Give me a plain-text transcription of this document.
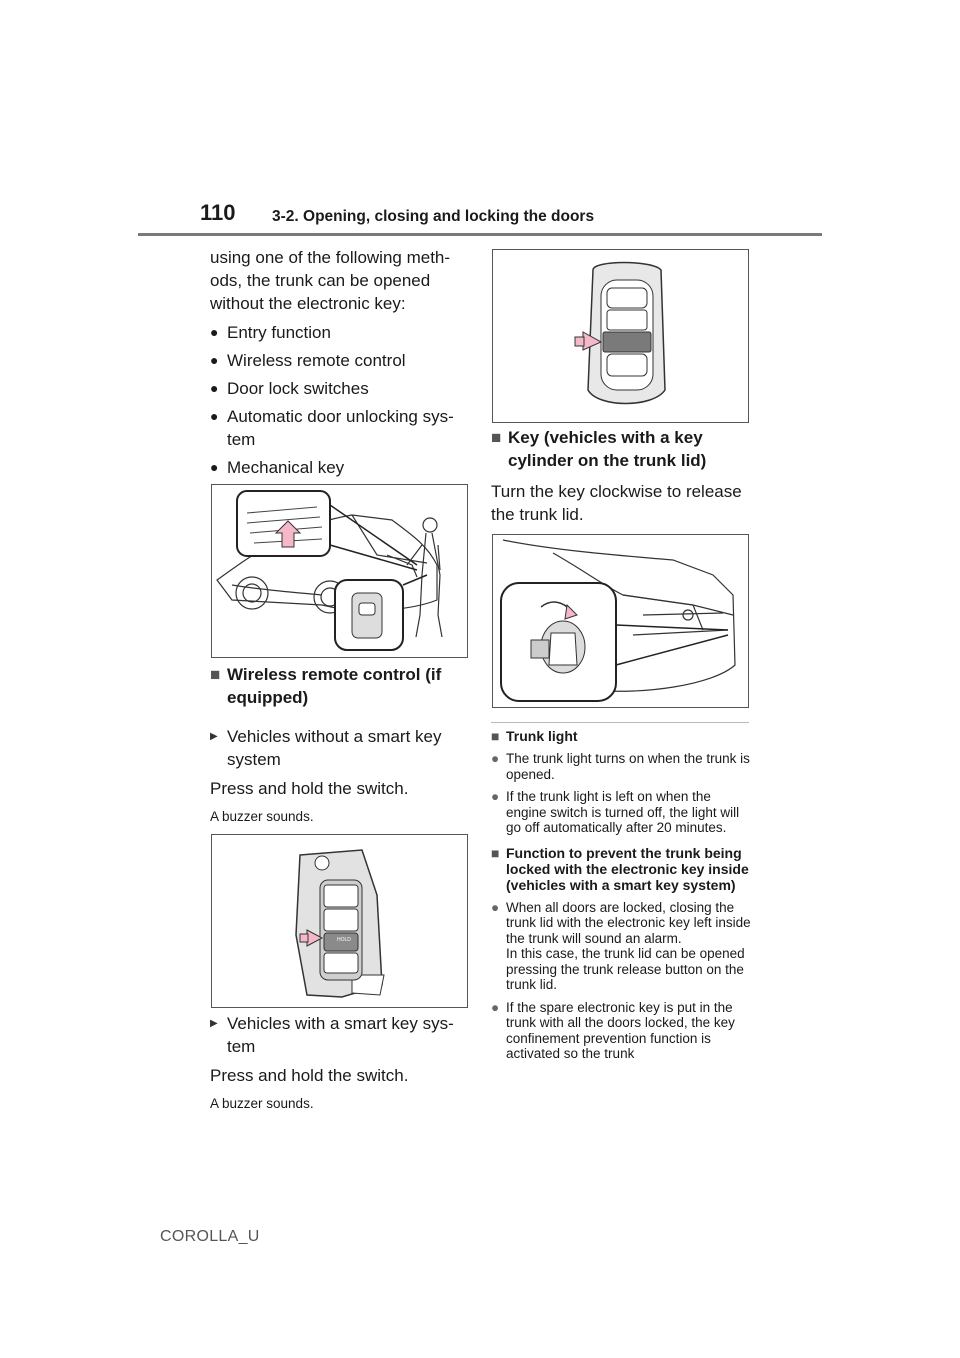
110 3-2. Opening, closing and locking the doors

using one of the following meth-ods, the trunk can be opened without the electronic key:

● Entry function
● Wireless remote control
● Door lock switches
● Automatic door unlocking sys-tem
● Mechanical key
■ Wireless remote control (if equipped)
▶ Vehicles without a smart key system

Press and hold the switch.

A buzzer sounds.

HOLD
▶ Vehicles with a smart key sys-tem

Press and hold the switch.

A buzzer sounds.

■ Key (vehicles with a key cylinder on the trunk lid)

Turn the key clockwise to release the trunk lid.

■ Trunk light
● The trunk light turns on when the trunk is opened.
● If the trunk light is left on when the engine switch is turned off, the light will go off automatically after 20 minutes.
■ Function to prevent the trunk being locked with the electronic key inside (vehicles with a smart key system)
● When all doors are locked, closing the trunk lid with the electronic key left inside the trunk will sound an alarm.
In this case, the trunk lid can be opened pressing the trunk release button on the trunk lid.
● If the spare electronic key is put in the trunk with all the doors locked, the key confinement prevention function is activated so the trunk
COROLLA_U
